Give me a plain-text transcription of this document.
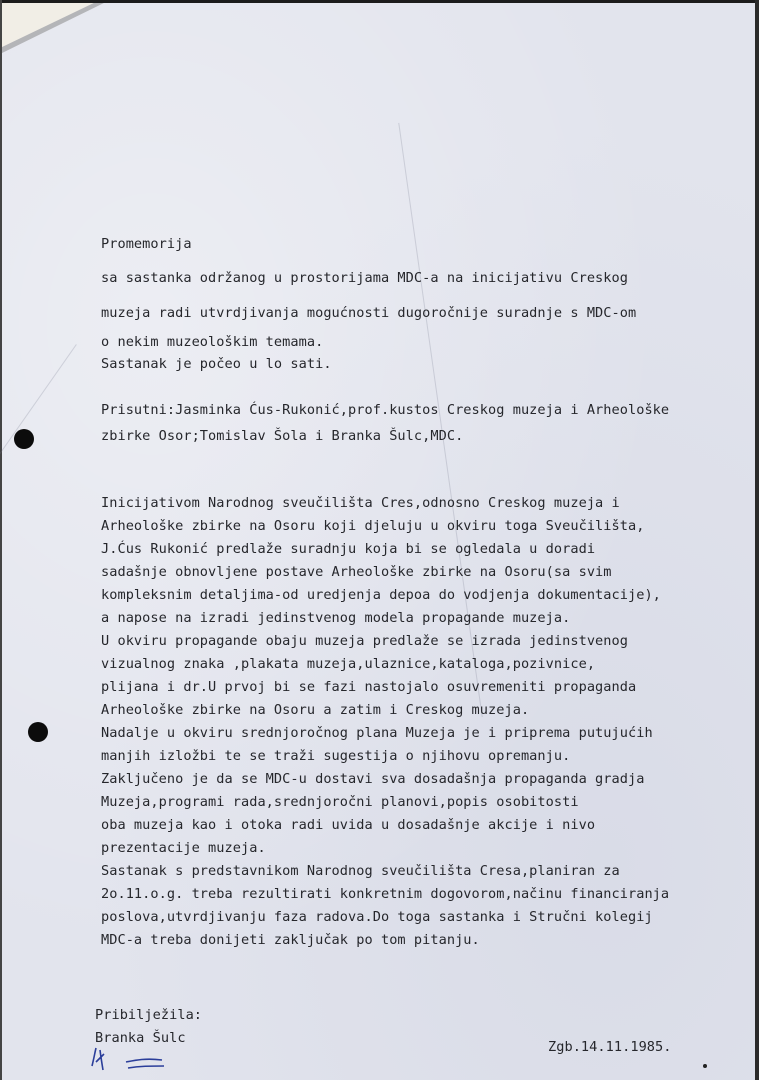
Promemorija
sa sastanka održanog u prostorijama MDC-a na inicijativu Creskog
muzeja radi utvrdjivanja mogućnosti dugoročnije suradnje s MDC-om
o nekim muzeološkim temama.
Sastanak je počeo u lo sati.
Prisutni:Jasminka Ćus-Rukonić,prof.kustos Creskog muzeja i Arheološke
zbirke Osor;Tomislav Šola i Branka Šulc,MDC.
Inicijativom Narodnog sveučilišta Cres,odnosno Creskog muzeja i
Arheološke zbirke na Osoru koji djeluju u okviru toga Sveučilišta,
J.Ćus Rukonić predlaže suradnju koja bi se ogledala u doradi
sadašnje obnovljene postave Arheološke zbirke na Osoru(sa svim
kompleksnim detaljima-od uredjenja depoa do vodjenja dokumentacije),
a napose na izradi jedinstvenog modela propagande muzeja.
U okviru propagande obaju muzeja predlaže se izrada jedinstvenog
vizualnog znaka ,plakata muzeja,ulaznice,kataloga,pozivnice,
plijana i dr.U prvoj bi se fazi nastojalo osuvremeniti propaganda
Arheološke zbirke na Osoru a zatim i Creskog muzeja.
Nadalje u okviru srednjoročnog plana Muzeja je i priprema putujućih
manjih izložbi te se traži sugestija o njihovu opremanju.
Zaključeno je da se MDC-u dostavi sva dosadašnja propaganda gradja
Muzeja,programi rada,srednjoročni planovi,popis osobitosti
oba muzeja kao i otoka radi uvida u dosadašnje akcije i nivo
prezentacije muzeja.
Sastanak s predstavnikom Narodnog sveučilišta Cresa,planiran za
2o.11.o.g. treba rezultirati konkretnim dogovorom,načinu financiranja
poslova,utvrdjivanju faza radova.Do toga sastanka i Stručni kolegij
MDC-a treba donijeti zaključak po tom pitanju.
Pribilježila:
Branka Šulc
Zgb.14.11.1985.
